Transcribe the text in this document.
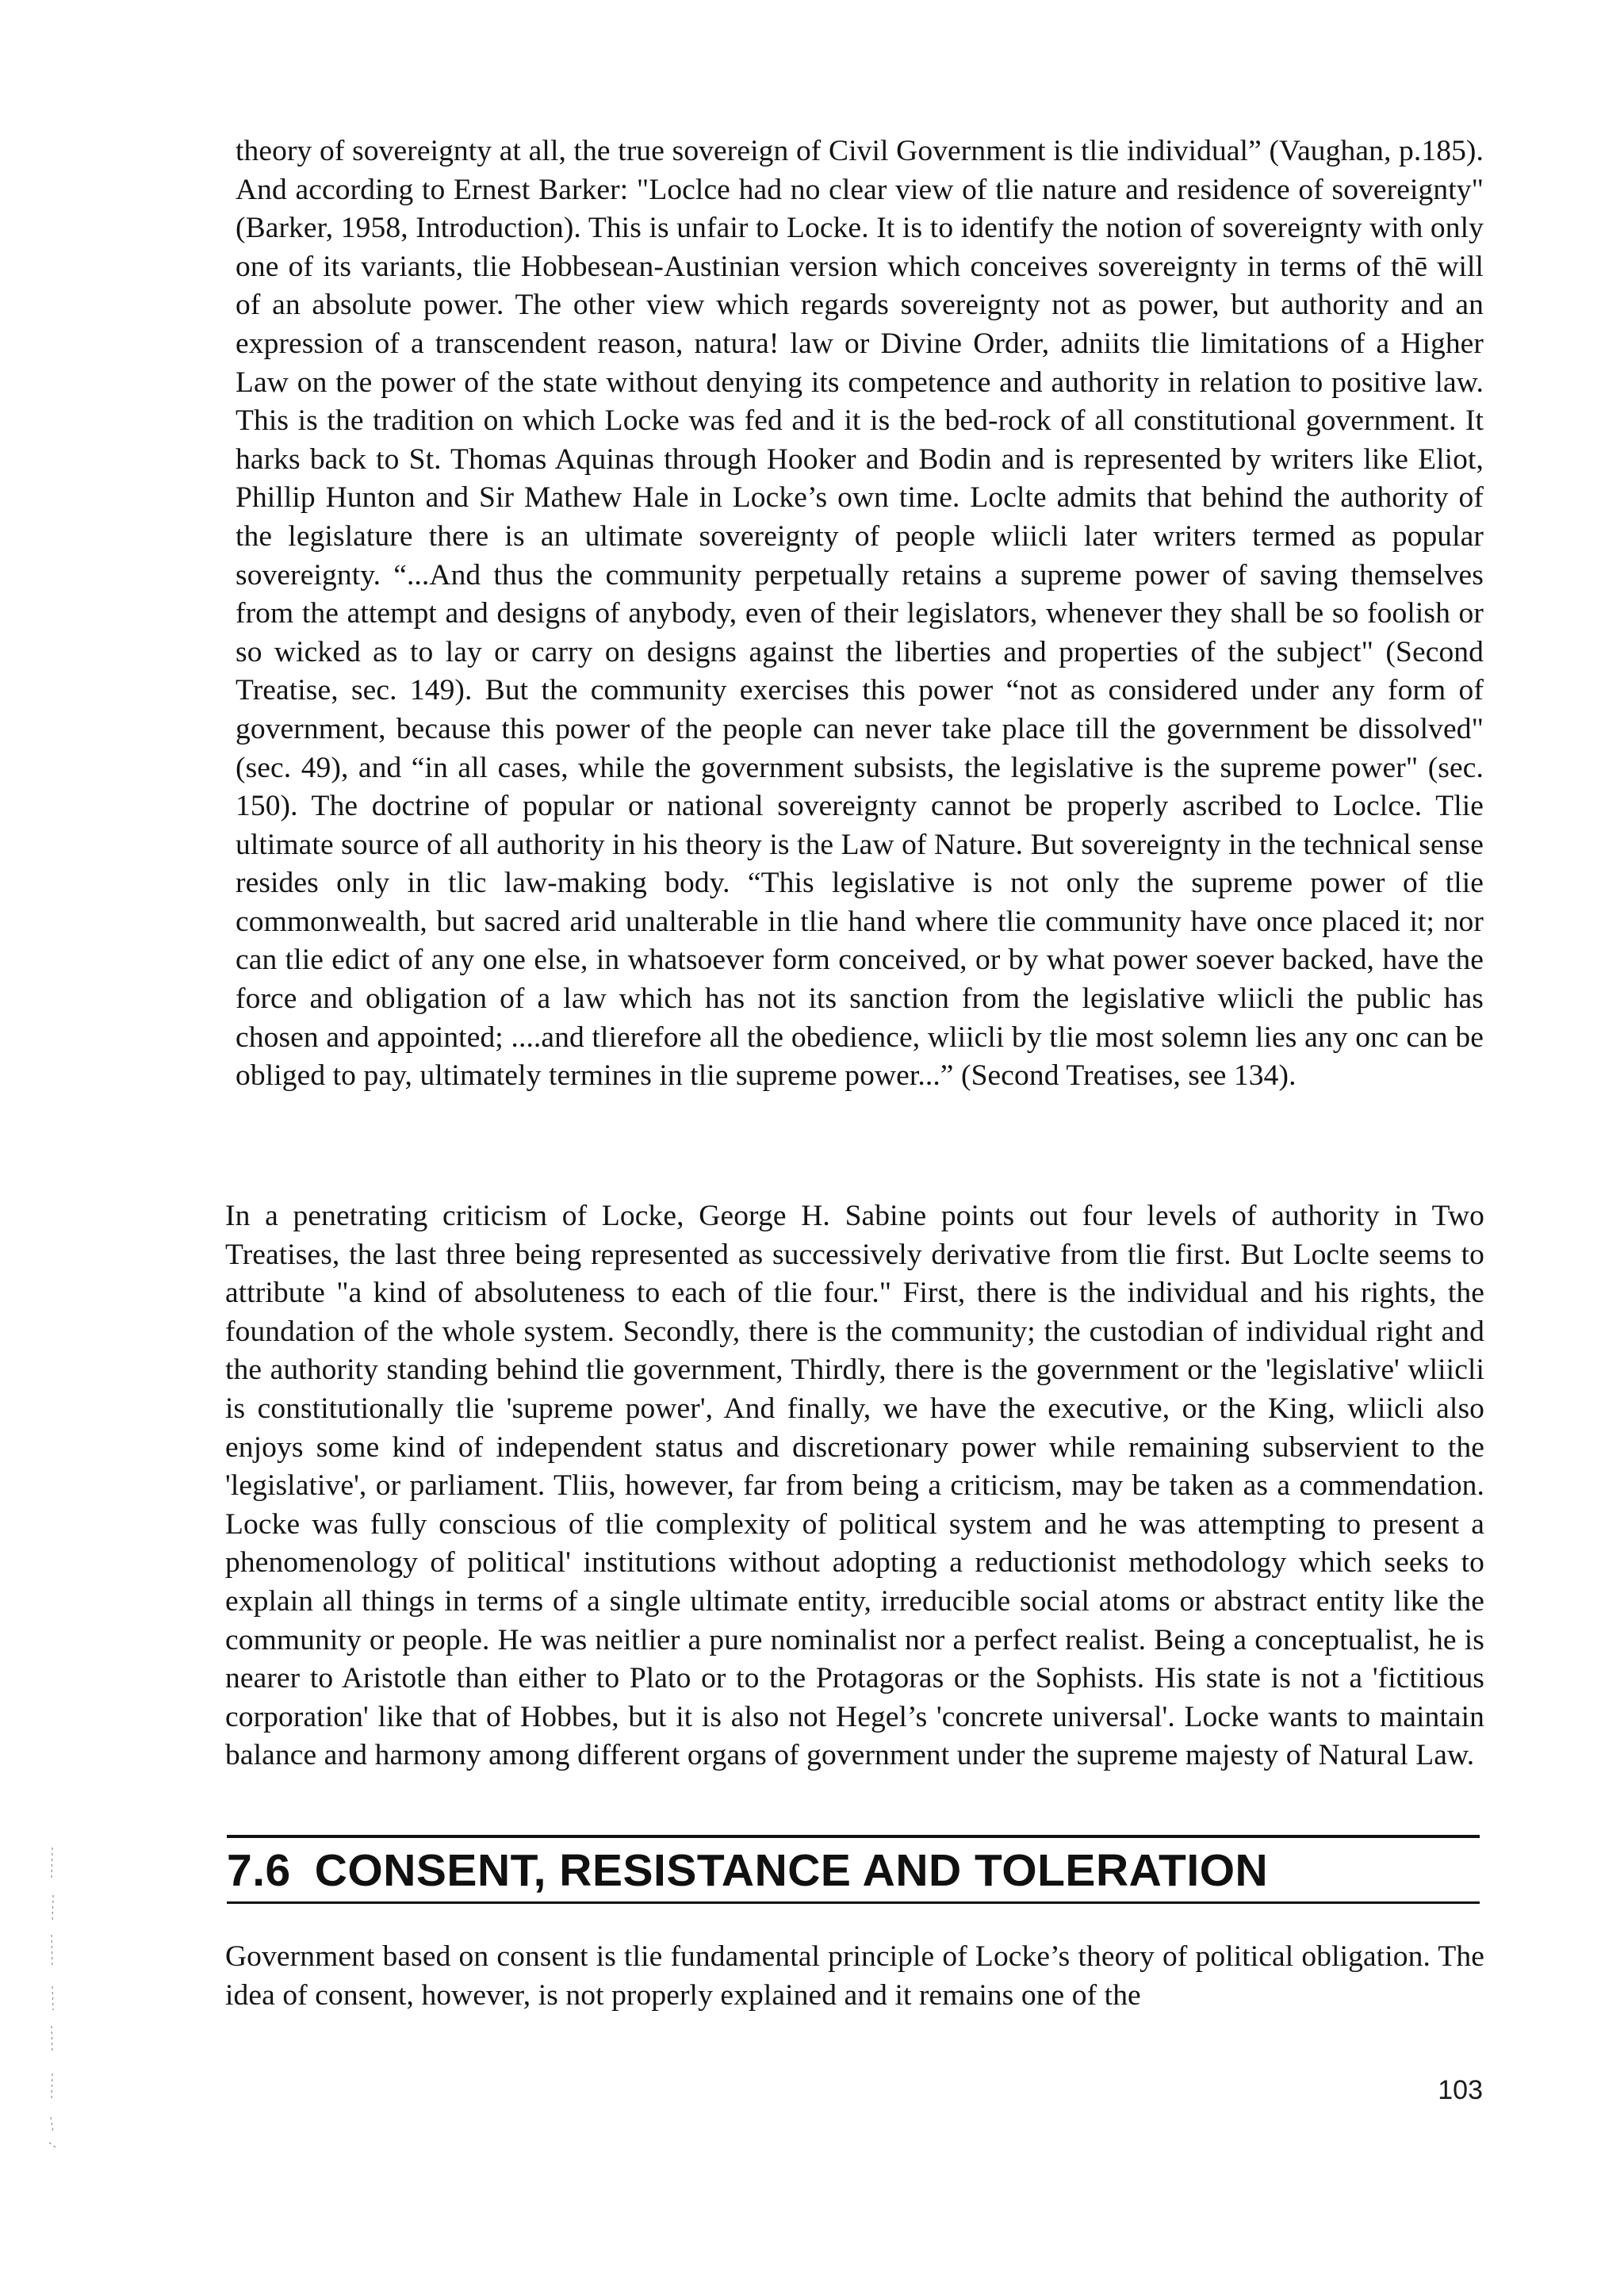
theory of sovereignty at all, the true sovereign of Civil Government is tlie individual” (Vaughan, p.185). And according to Ernest Barker: "Loclce had no clear view of tlie nature and residence of sovereignty" (Barker, 1958, Introduction). This is unfair to Locke. It is to identify the notion of sovereignty with only one of its variants, tlie Hobbesean-Austinian version which conceives sovereignty in terms of thē will of an absolute power. The other view which regards sovereignty not as power, but authority and an expression of a transcendent reason, natura! law or Divine Order, adniits tlie limitations of a Higher Law on the power of the state without denying its competence and authority in relation to positive law. This is the tradition on which Locke was fed and it is the bed-rock of all constitutional government. It harks back to St. Thomas Aquinas through Hooker and Bodin and is represented by writers like Eliot, Phillip Hunton and Sir Mathew Hale in Locke’s own time. Loclte admits that behind the authority of the legislature there is an ultimate sovereignty of people wliicli later writers termed as popular sovereignty. “...And thus the community perpetually retains a supreme power of saving themselves from the attempt and designs of anybody, even of their legislators, whenever they shall be so foolish or so wicked as to lay or carry on designs against the liberties and properties of the subject" (Second Treatise, sec. 149). But the community exercises this power “not as considered under any form of government, because this power of the people can never take place till the government be dissolved" (sec. 49), and “in all cases, while the government subsists, the legislative is the supreme power" (sec. 150). The doctrine of popular or national sovereignty cannot be properly ascribed to Loclce. Tlie ultimate source of all authority in his theory is the Law of Nature. But sovereignty in the technical sense resides only in tlic law-making body. “This legislative is not only the supreme power of tlie commonwealth, but sacred arid unalterable in tlie hand where tlie community have once placed it; nor can tlie edict of any one else, in whatsoever form conceived, or by what power soever backed, have the force and obligation of a law which has not its sanction from the legislative wliicli the public has chosen and appointed; ....and tlierefore all the obedience, wliicli by tlie most solemn lies any onc can be obliged to pay, ultimately termines in tlie supreme power...” (Second Treatises, see 134).

In a penetrating criticism of Locke, George H. Sabine points out four levels of authority in Two Treatises, the last three being represented as successively derivative from tlie first. But Loclte seems to attribute "a kind of absoluteness to each of tlie four." First, there is the individual and his rights, the foundation of the whole system. Secondly, there is the community; the custodian of individual right and the authority standing behind tlie government, Thirdly, there is the government or the 'legislative' wliicli is constitutionally tlie 'supreme power', And finally, we have the executive, or the King, wliicli also enjoys some kind of independent status and discretionary power while remaining subservient to the 'legislative', or parliament. Tliis, however, far from being a criticism, may be taken as a commendation. Locke was fully conscious of tlie complexity of political system and he was attempting to present a phenomenology of political' institutions without adopting a reductionist methodology which seeks to explain all things in terms of a single ultimate entity, irreducible social atoms or abstract entity like the community or people. He was neitlier a pure nominalist nor a perfect realist. Being a conceptualist, he is nearer to Aristotle than either to Plato or to the Protagoras or the Sophists. His state is not a 'fictitious corporation' like that of Hobbes, but it is also not Hegel’s 'concrete universal'. Locke wants to maintain balance and harmony among different organs of government under the supreme majesty of Natural Law.

7.6 CONSENT, RESISTANCE AND TOLERATION

Government based on consent is tlie fundamental principle of Locke’s theory of political obligation. The idea of consent, however, is not properly explained and it remains one of the

103
